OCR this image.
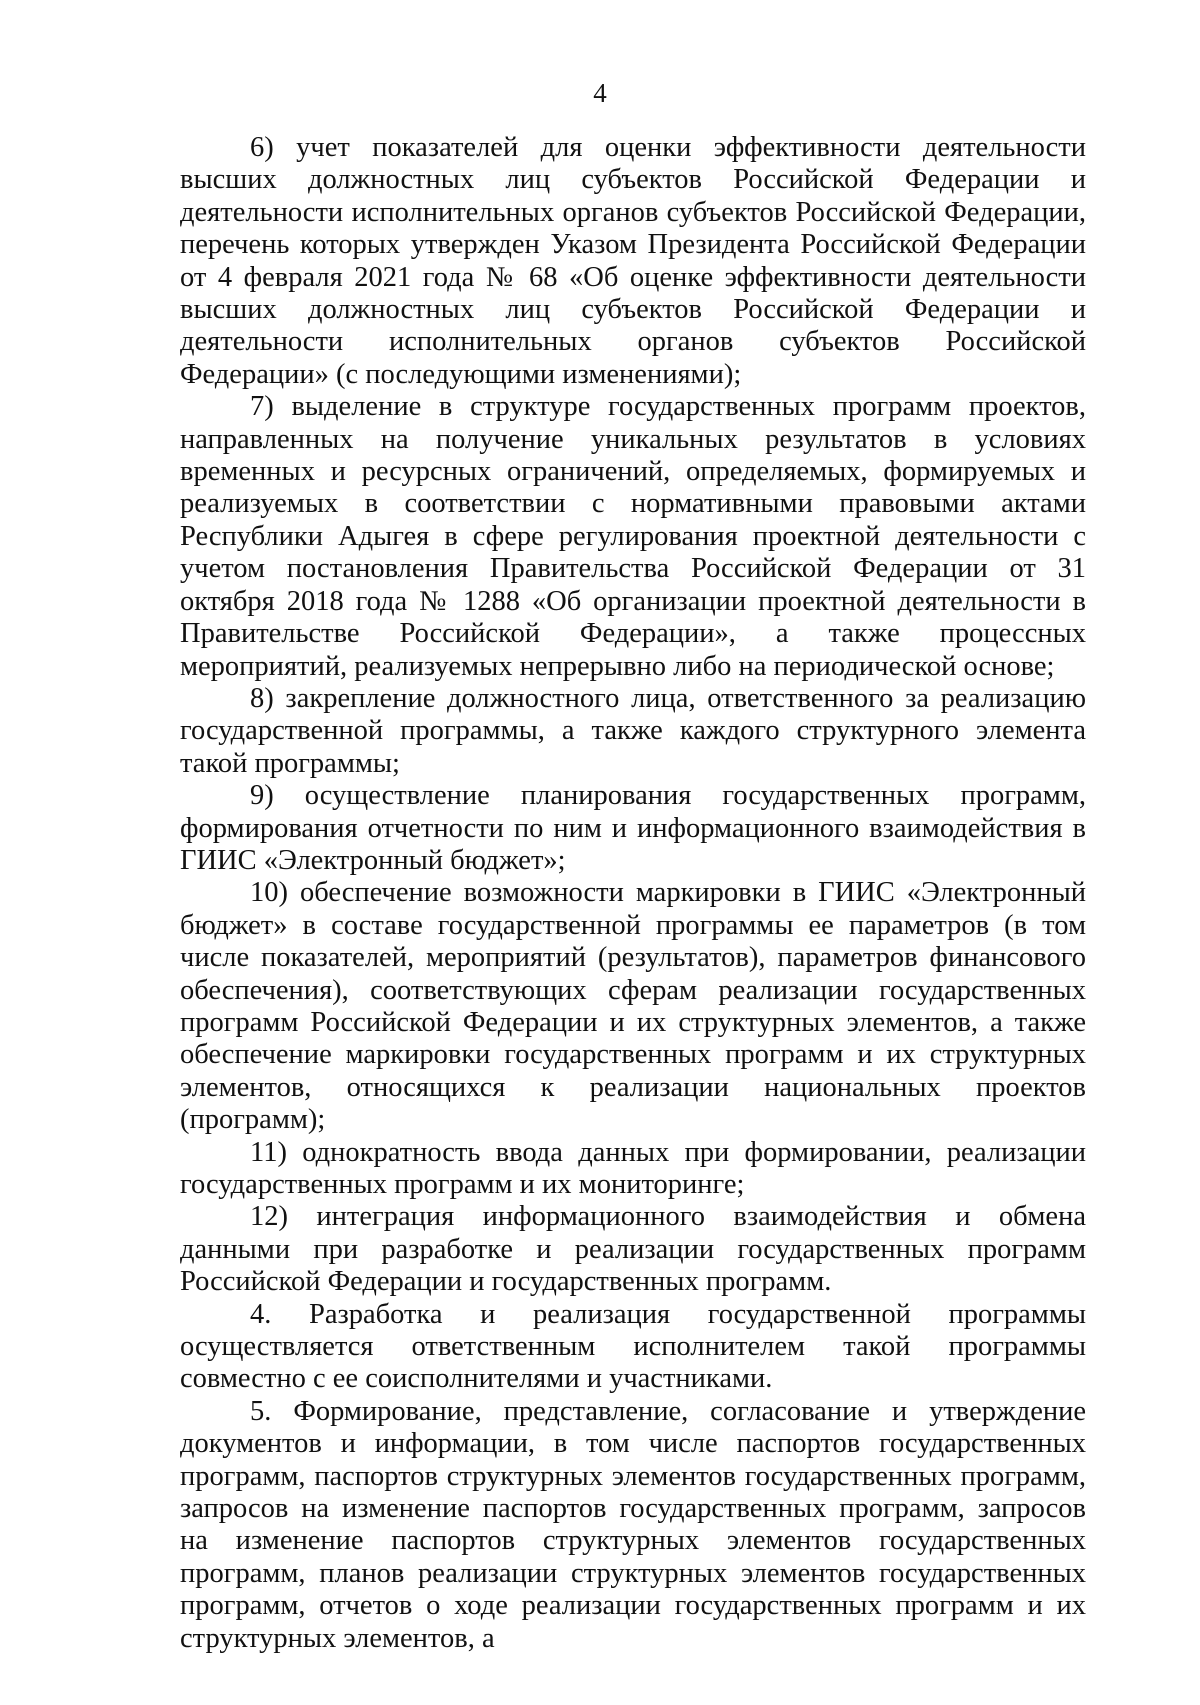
4

6) учет показателей для оценки эффективности деятельности высших должностных лиц субъектов Российской Федерации и деятельности исполнительных органов субъектов Российской Федерации, перечень которых утвержден Указом Президента Российской Федерации от 4 февраля 2021 года № 68 «Об оценке эффективности деятельности высших должностных лиц субъектов Российской Федерации и деятельности исполнительных органов субъектов Российской Федерации» (с последующими изменениями);

7) выделение в структуре государственных программ проектов, направленных на получение уникальных результатов в условиях временных и ресурсных ограничений, определяемых, формируемых и реализуемых в соответствии с нормативными правовыми актами Республики Адыгея в сфере регулирования проектной деятельности с учетом постановления Правительства Российской Федерации от 31 октября 2018 года № 1288 «Об организации проектной деятельности в Правительстве Российской Федерации», а также процессных мероприятий, реализуемых непрерывно либо на периодической основе;

8) закрепление должностного лица, ответственного за реализацию государственной программы, а также каждого структурного элемента такой программы;

9) осуществление планирования государственных программ, формирования отчетности по ним и информационного взаимодействия в ГИИС «Электронный бюджет»;

10) обеспечение возможности маркировки в ГИИС «Электронный бюджет» в составе государственной программы ее параметров (в том числе показателей, мероприятий (результатов), параметров финансового обеспечения), соответствующих сферам реализации государственных программ Российской Федерации и их структурных элементов, а также обеспечение маркировки государственных программ и их структурных элементов, относящихся к реализации национальных проектов (программ);

11) однократность ввода данных при формировании, реализации государственных программ и их мониторинге;

12) интеграция информационного взаимодействия и обмена данными при разработке и реализации государственных программ Российской Федерации и государственных программ.

4. Разработка и реализация государственной программы осуществляется ответственным исполнителем такой программы совместно с ее соисполнителями и участниками.

5. Формирование, представление, согласование и утверждение документов и информации, в том числе паспортов государственных программ, паспортов структурных элементов государственных программ, запросов на изменение паспортов государственных программ, запросов на изменение паспортов структурных элементов государственных программ, планов реализации структурных элементов государственных программ, отчетов о ходе реализации государственных программ и их структурных элементов, а
